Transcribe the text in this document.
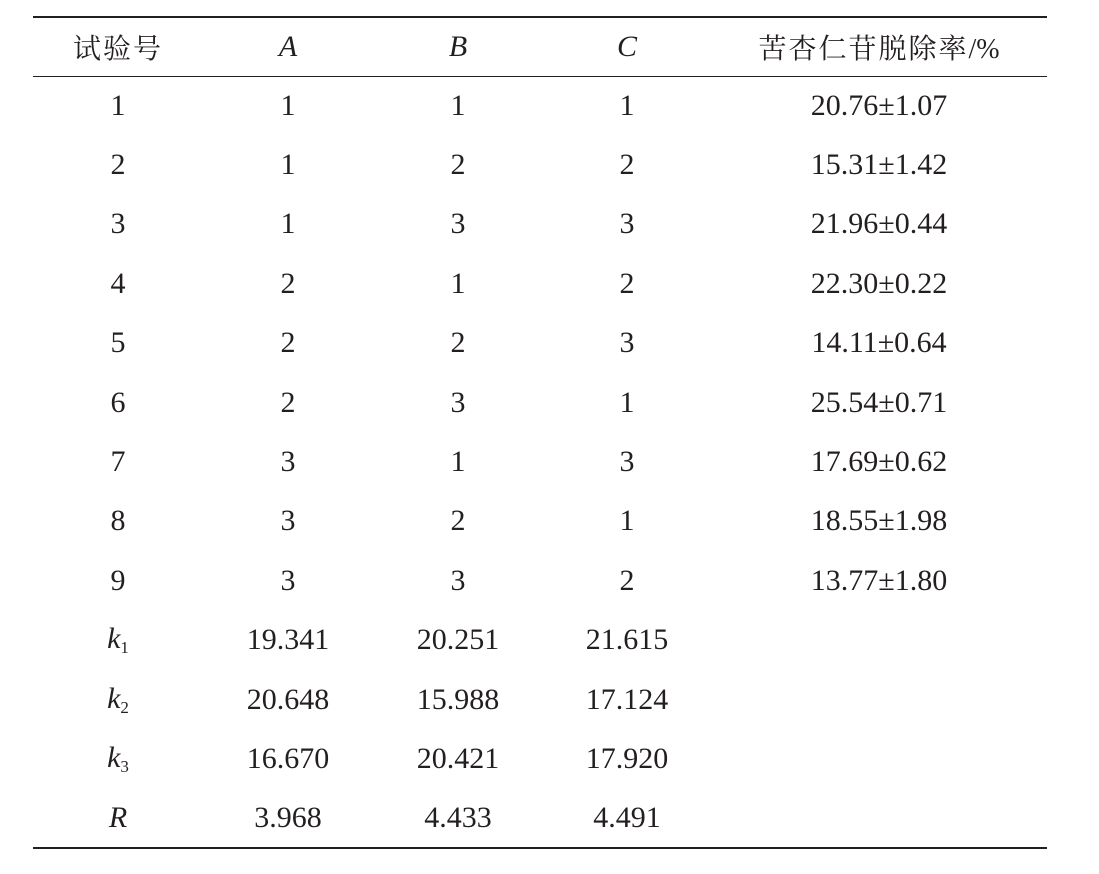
试验号	A	B	C	苦杏仁苷脱除率/%
1	1	1	1	20.76±1.07
2	1	2	2	15.31±1.42
3	1	3	3	21.96±0.44
4	2	1	2	22.30±0.22
5	2	2	3	14.11±0.64
6	2	3	1	25.54±0.71
7	3	1	3	17.69±0.62
8	3	2	1	18.55±1.98
9	3	3	2	13.77±1.80
$k_1$	19.341	20.251	21.615	
$k_2$	20.648	15.988	17.124	
$k_3$	16.670	20.421	17.920	
R	3.968	4.433	4.491	
